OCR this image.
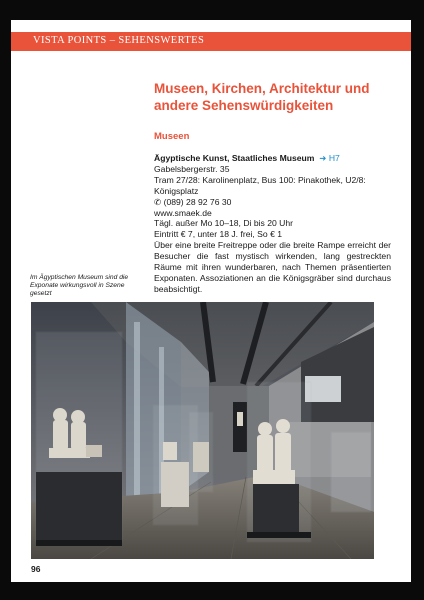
VISTA POINTS – SEHENSWERTES
Museen, Kirchen, Architektur und andere Sehenswürdigkeiten
Museen
Ägyptische Kunst, Staatliches Museum  ➜ H7
Gabelsbergerstr. 35
Tram 27/28: Karolinenplatz, Bus 100: Pinakothek, U2/8: Königsplatz
✆ (089) 28 92 76 30
www.smaek.de
Tägl. außer Mo 10–18, Di bis 20 Uhr
Eintritt € 7, unter 18 J. frei, So € 1
Über eine breite Freitreppe oder die breite Rampe erreicht der Besucher die fast mystisch wirkenden, lang gestreckten Räume mit ihren wunderbaren, nach Themen präsentierten Exponaten. Assoziationen an die Königsgräber sind durchaus beabsichtigt.
Im Ägyptischen Museum sind die Exponate wirkungsvoll in Szene gesetzt
96
